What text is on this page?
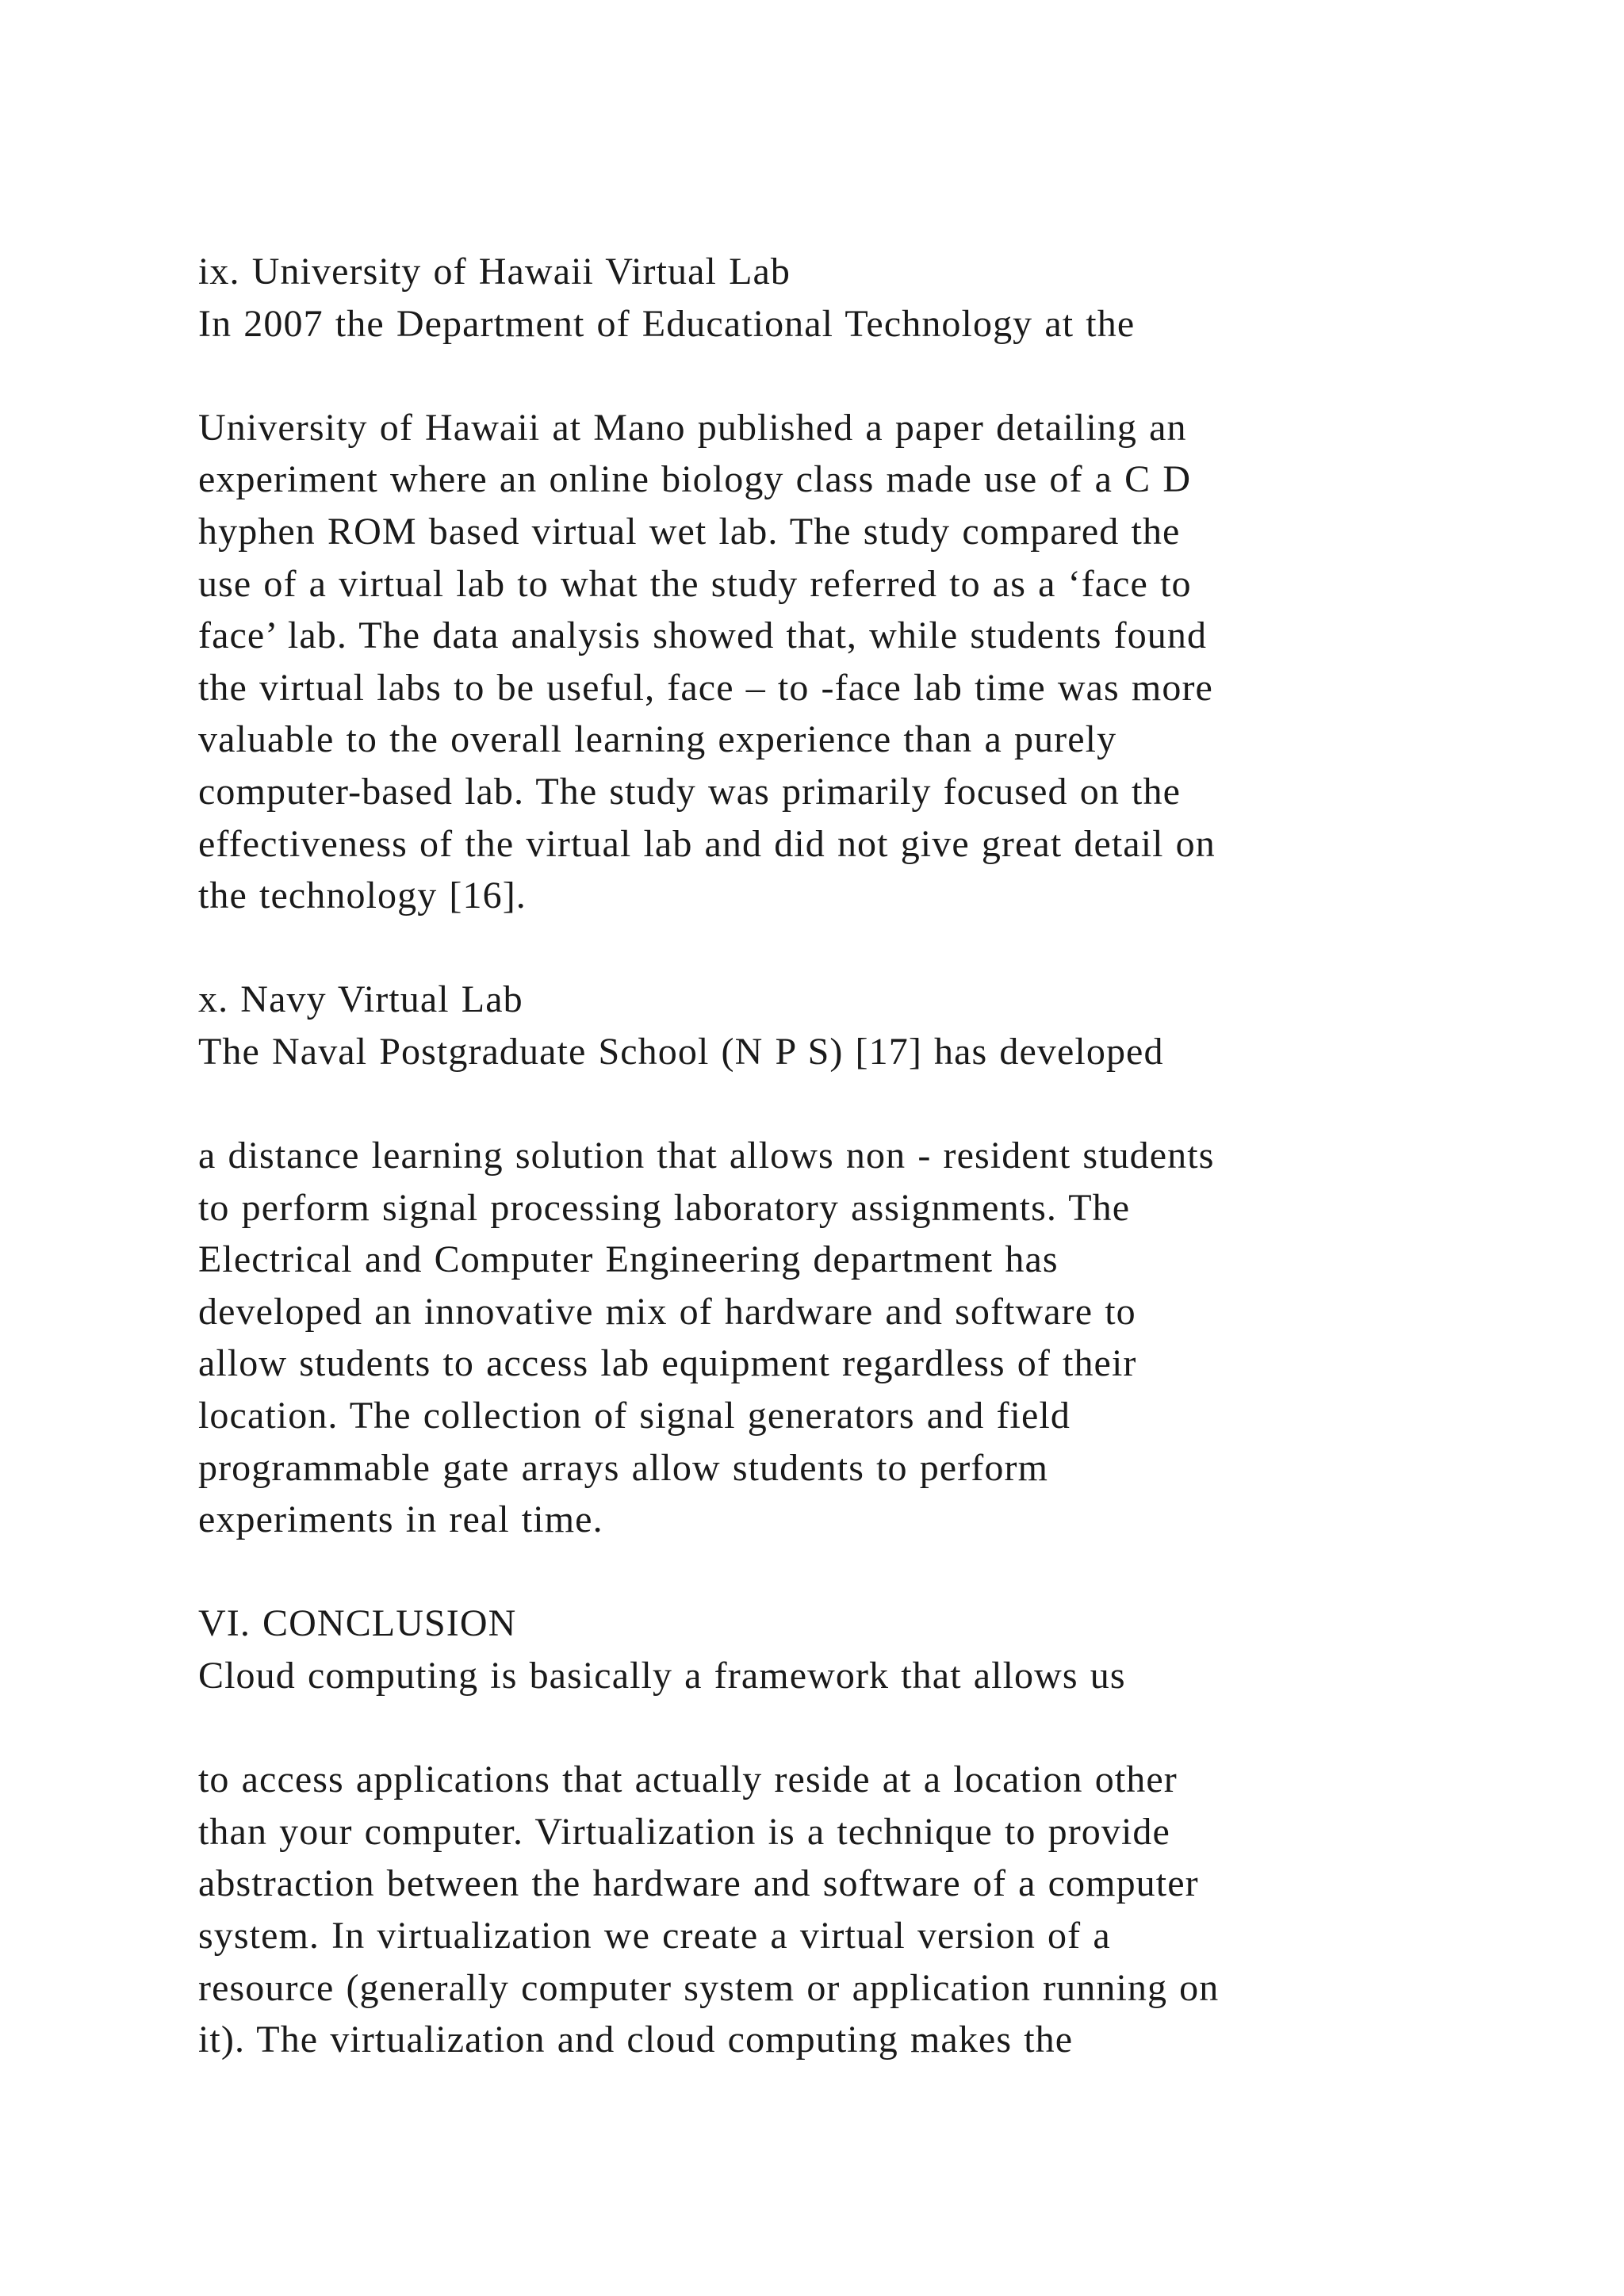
ix. University of Hawaii Virtual Lab
In 2007 the Department of Educational Technology at the
University of Hawaii at Mano published a paper detailing an
experiment where an online biology class made use of a C D
hyphen ROM based virtual wet lab. The study compared the
use of a virtual lab to what the study referred to as a ‘face to
face’ lab. The data analysis showed that, while students found
the virtual labs to be useful, face – to -face lab time was more
valuable to the overall learning experience than a purely
computer-based lab. The study was primarily focused on the
effectiveness of the virtual lab and did not give great detail on
the technology [16].
x. Navy Virtual Lab
The Naval Postgraduate School (N P S) [17] has developed
a distance learning solution that allows non - resident students
to perform signal processing laboratory assignments. The
Electrical and Computer Engineering department has
developed an innovative mix of hardware and software to
allow students to access lab equipment regardless of their
location. The collection of signal generators and field
programmable gate arrays allow students to perform
experiments in real time.
VI. CONCLUSION
Cloud computing is basically a framework that allows us
to access applications that actually reside at a location other
than your computer. Virtualization is a technique to provide
abstraction between the hardware and software of a computer
system. In virtualization we create a virtual version of a
resource (generally computer system or application running on
it). The virtualization and cloud computing makes the
